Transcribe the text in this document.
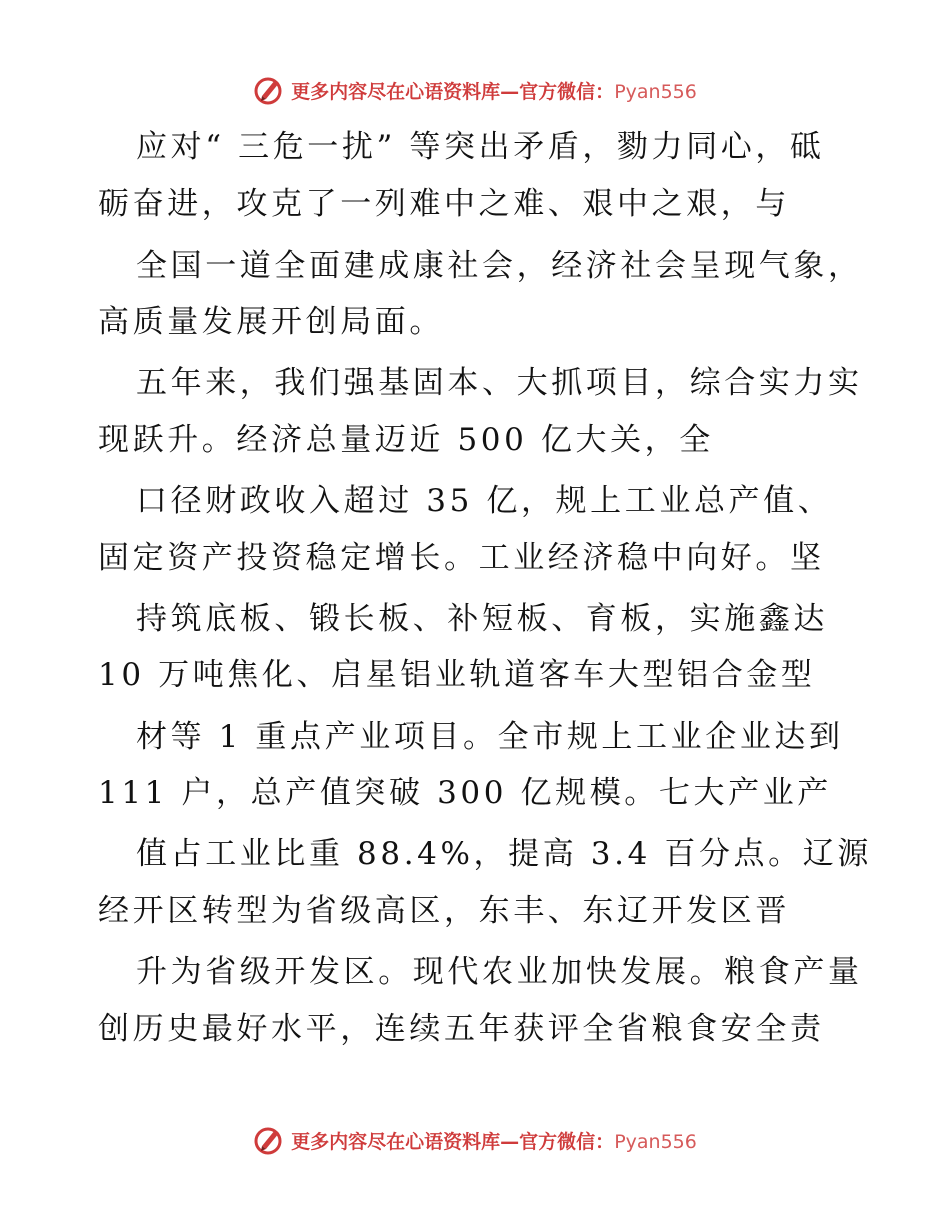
更多内容尽在心语资料库—官方微信：Pyan556
应对“ 三危一扰” 等突出矛盾，勠力同心，砥
砺奋进，攻克了一列难中之难、艰中之艰，与
全国一道全面建成康社会，经济社会呈现气象，
高质量发展开创局面。
五年来，我们强基固本、大抓项目，综合实力实
现跃升。经济总量迈近 500 亿大关，全
口径财政收入超过 35 亿，规上工业总产值、
固定资产投资稳定增长。工业经济稳中向好。坚
持筑底板、锻长板、补短板、育板，实施鑫达
10 万吨焦化、启星铝业轨道客车大型铝合金型
材等 1 重点产业项目。全市规上工业企业达到
111 户，总产值突破 300 亿规模。七大产业产
值占工业比重 88.4%，提高 3.4 百分点。辽源
经开区转型为省级高区，东丰、东辽开发区晋
升为省级开发区。现代农业加快发展。粮食产量
创历史最好水平，连续五年获评全省粮食安全责
更多内容尽在心语资料库—官方微信：Pyan556
